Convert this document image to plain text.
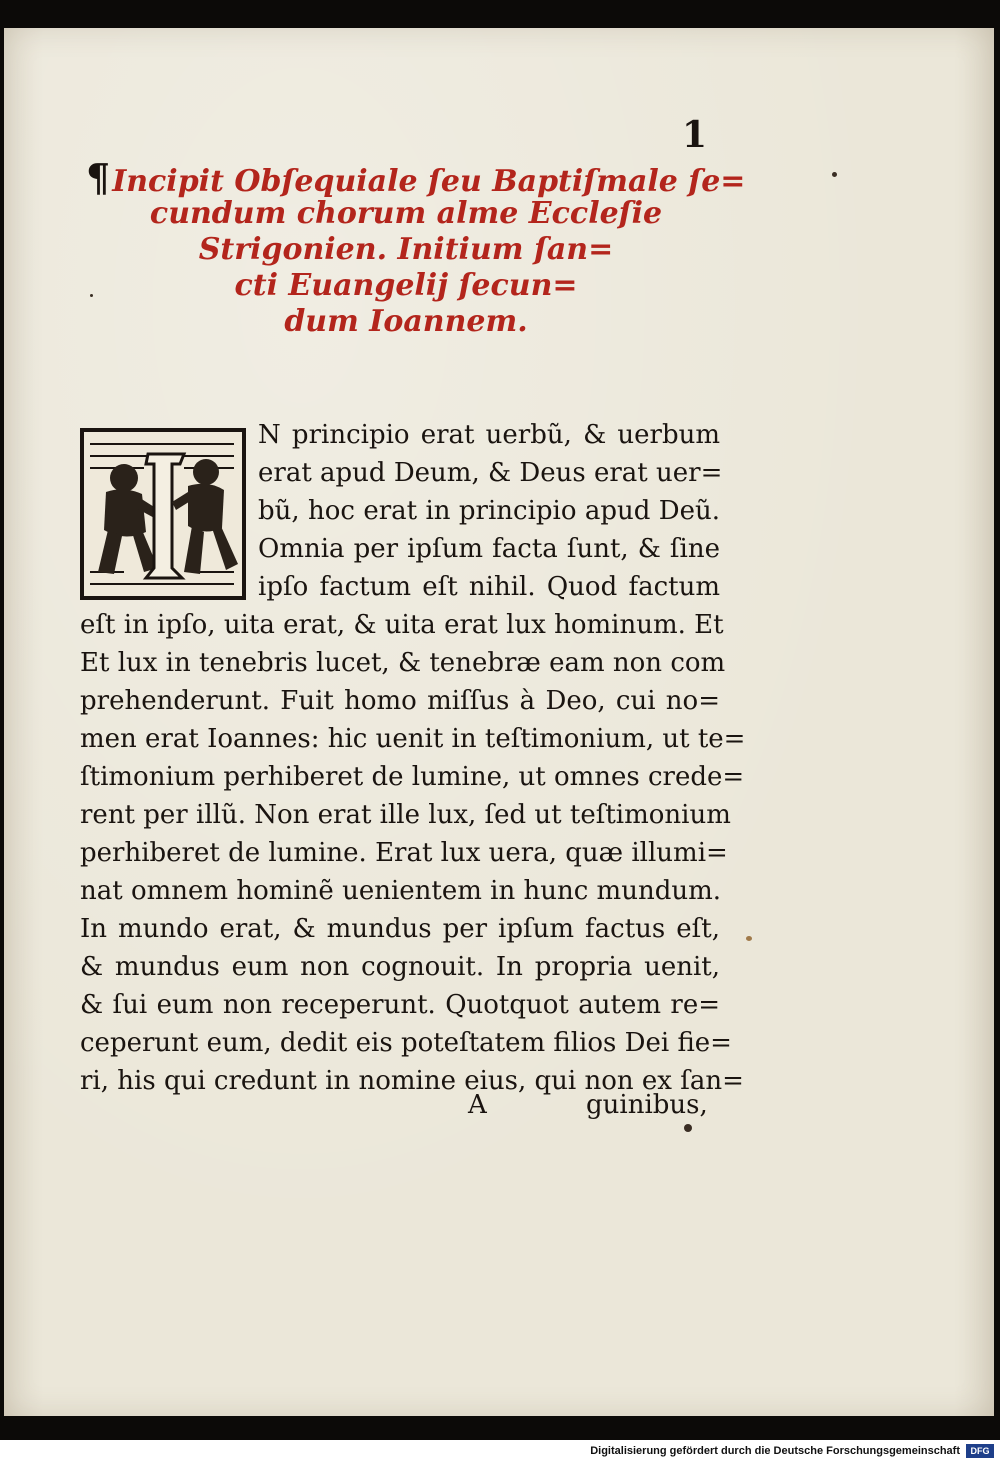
1
¶Incipit Obſequiale ſeu Baptiſmale ſe=
cundum chorum alme Eccleſie
Strigonien. Initium ſan=
cti Euangelij ſecun=
dum Ioannem.
N principio erat uerbũ, & uerbum
erat apud Deum, & Deus erat uer=
bũ, hoc erat in principio apud Deũ.
Omnia per ipſum facta ſunt, & ſine
ipſo factum eſt nihil. Quod factum
eſt in ipſo, uita erat, & uita erat lux hominum. Et
Et lux in tenebris lucet, & tenebræ eam non com
prehenderunt. Fuit homo miſſus à Deo, cui no=
men erat Ioannes: hic uenit in teſtimonium, ut te=
ſtimonium perhiberet de lumine, ut omnes crede=
rent per illũ. Non erat ille lux, ſed ut teſtimonium
perhiberet de lumine. Erat lux uera, quæ illumi=
nat omnem hominẽ uenientem in hunc mundum.
In mundo erat, & mundus per ipſum factus eſt,
& mundus eum non cognouit. In propria uenit,
& ſui eum non receperunt. Quotquot autem re=
ceperunt eum, dedit eis poteſtatem filios Dei fie=
ri, his qui credunt in nomine eius, qui non ex ſan=
A	guinibus,
Digitalisierung gefördert durch die Deutsche Forschungsgemeinschaft	DFG
